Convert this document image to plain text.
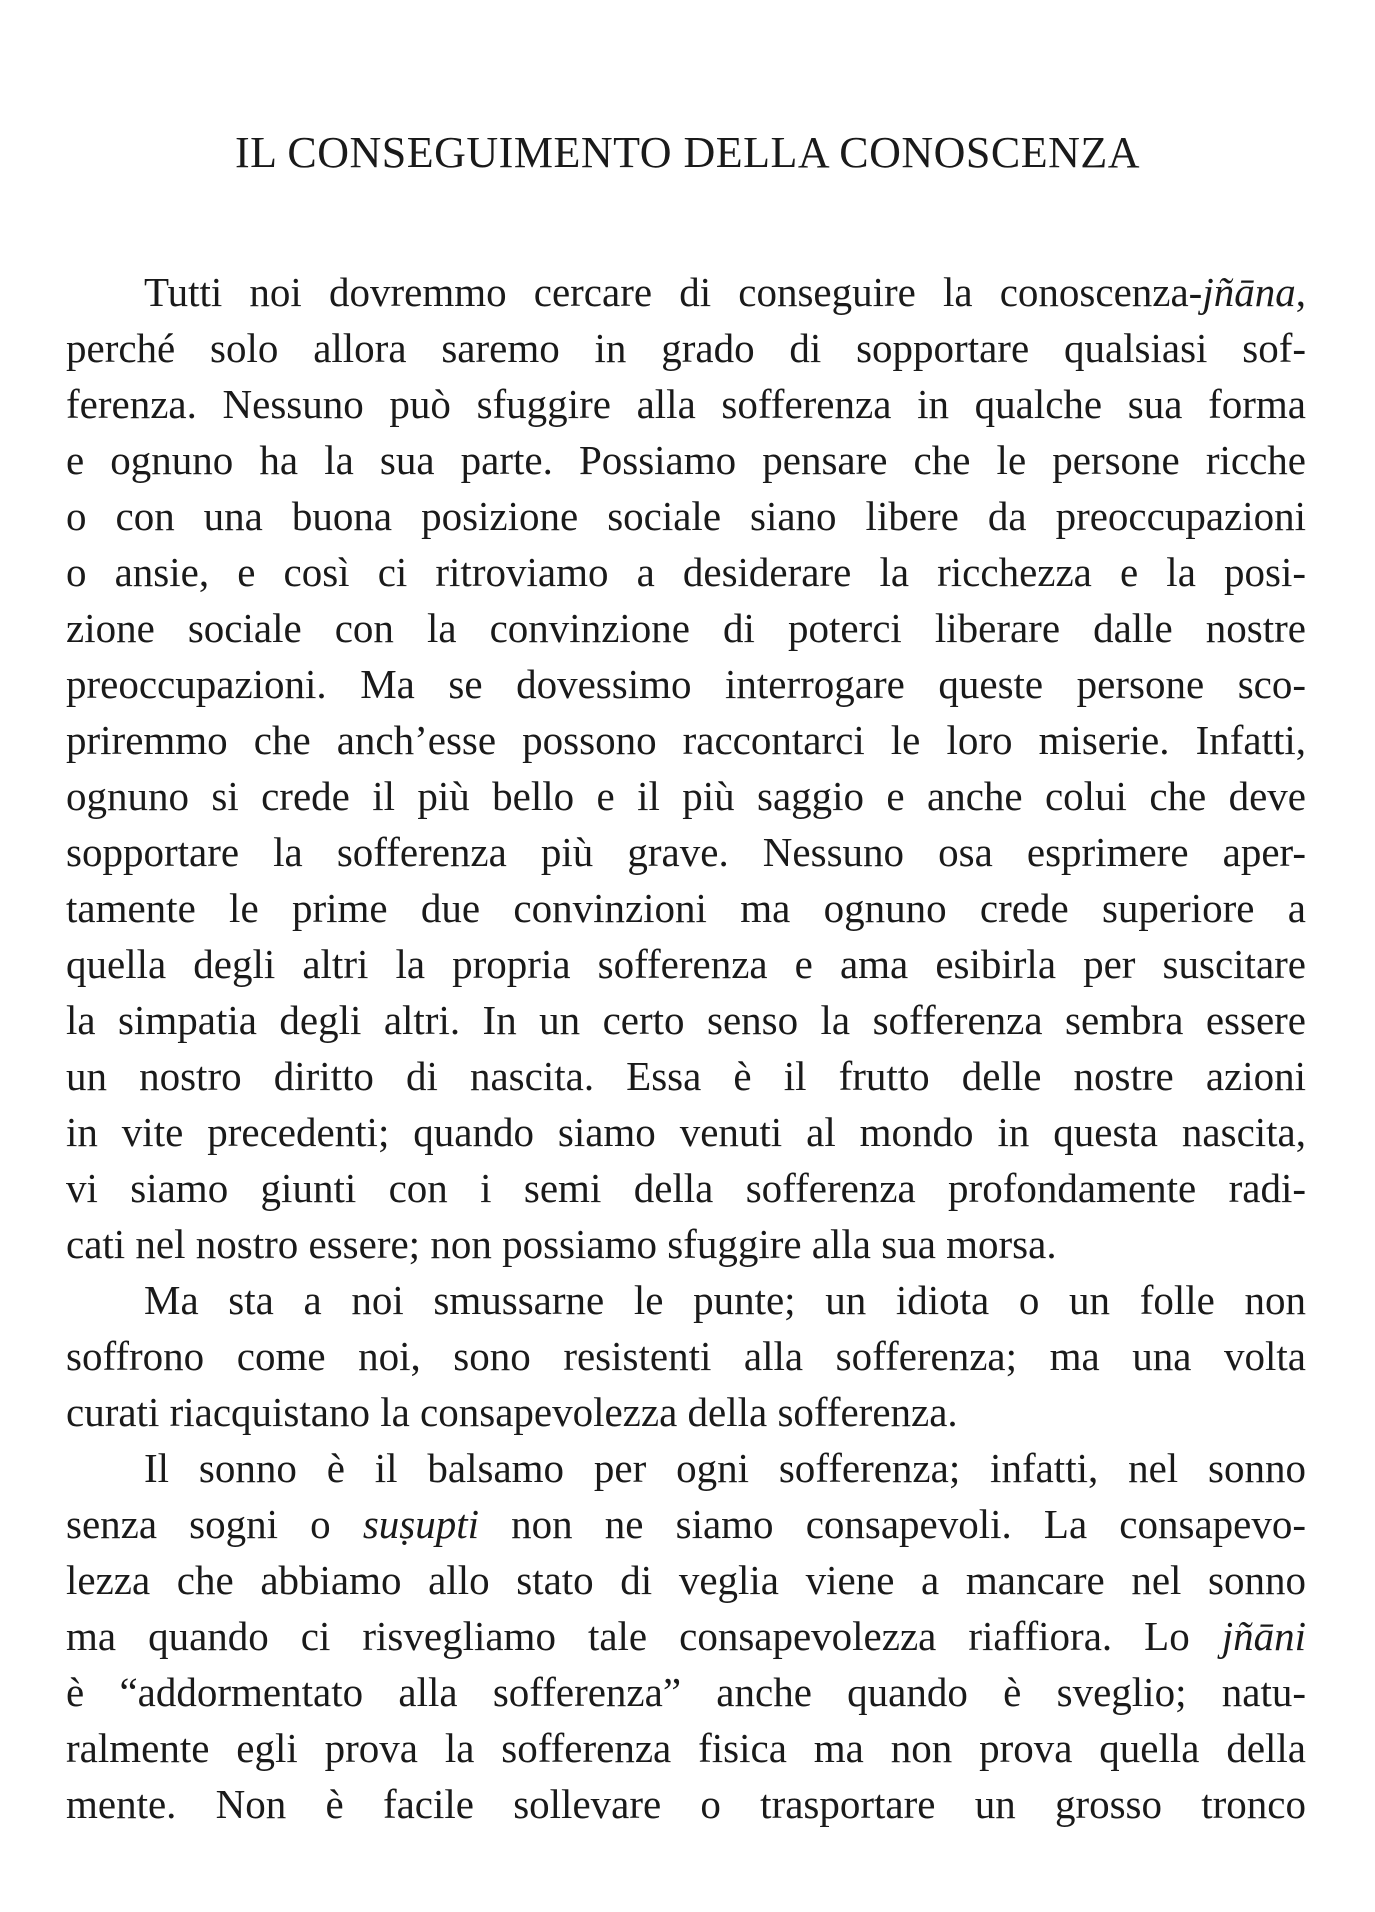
IL CONSEGUIMENTO DELLA CONOSCENZA
Tutti noi dovremmo cercare di conseguire la conoscenza-jñāna,
perché solo allora saremo in grado di sopportare qualsiasi sof-
ferenza. Nessuno può sfuggire alla sofferenza in qualche sua forma
e ognuno ha la sua parte. Possiamo pensare che le persone ricche
o con una buona posizione sociale siano libere da preoccupazioni
o ansie, e così ci ritroviamo a desiderare la ricchezza e la posi-
zione sociale con la convinzione di poterci liberare dalle nostre
preoccupazioni. Ma se dovessimo interrogare queste persone sco-
priremmo che anch’esse possono raccontarci le loro miserie. Infatti,
ognuno si crede il più bello e il più saggio e anche colui che deve
sopportare la sofferenza più grave. Nessuno osa esprimere aper-
tamente le prime due convinzioni ma ognuno crede superiore a
quella degli altri la propria sofferenza e ama esibirla per suscitare
la simpatia degli altri. In un certo senso la sofferenza sembra essere
un nostro diritto di nascita. Essa è il frutto delle nostre azioni
in vite precedenti; quando siamo venuti al mondo in questa nascita,
vi siamo giunti con i semi della sofferenza profondamente radi-
cati nel nostro essere; non possiamo sfuggire alla sua morsa.
Ma sta a noi smussarne le punte; un idiota o un folle non
soffrono come noi, sono resistenti alla sofferenza; ma una volta
curati riacquistano la consapevolezza della sofferenza.
Il sonno è il balsamo per ogni sofferenza; infatti, nel sonno
senza sogni o suṣupti non ne siamo consapevoli. La consapevo-
lezza che abbiamo allo stato di veglia viene a mancare nel sonno
ma quando ci risvegliamo tale consapevolezza riaffiora. Lo jñāni
è “addormentato alla sofferenza” anche quando è sveglio; natu-
ralmente egli prova la sofferenza fisica ma non prova quella della
mente. Non è facile sollevare o trasportare un grosso tronco
